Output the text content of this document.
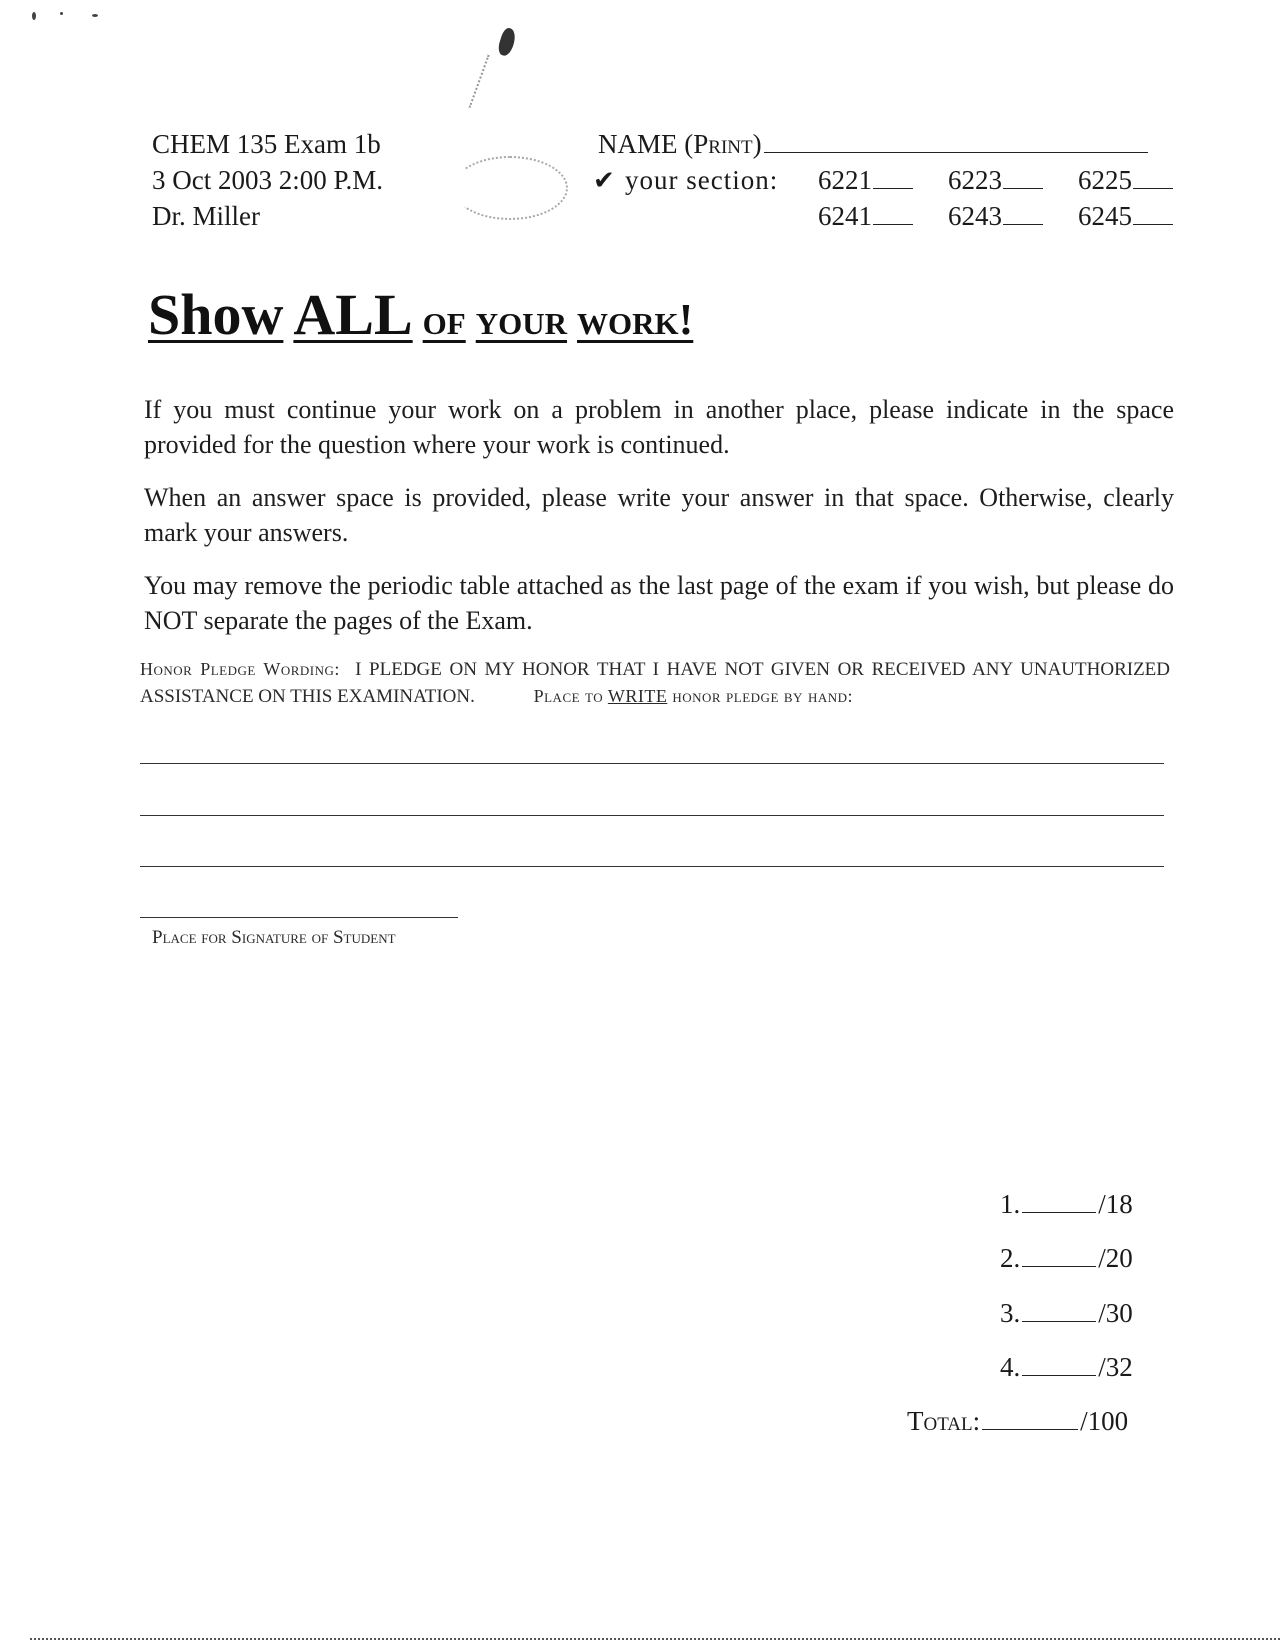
CHEM 135 Exam 1b
3 Oct 2003 2:00 P.M.
Dr. Miller
NAME ( Print )
✔ your section: 6221	6223	6225
6241	6243	6245
Show ALL of your work!
If you must continue your work on a problem in another place, please indicate in the space provided for the question where your work is continued.
When an answer space is provided, please write your answer in that space. Otherwise, clearly mark your answers.
You may remove the periodic table attached as the last page of the exam if you wish, but please do NOT separate the pages of the Exam.
Honor Pledge Wording: I PLEDGE ON MY HONOR THAT I HAVE NOT GIVEN OR RECEIVED ANY UNAUTHORIZED ASSISTANCE ON THIS EXAMINATION.	Place to WRITE honor pledge by hand:
Place for Signature of Student
1.	/18
2.	/20
3.	/30
4.	/32
Total:	/100
